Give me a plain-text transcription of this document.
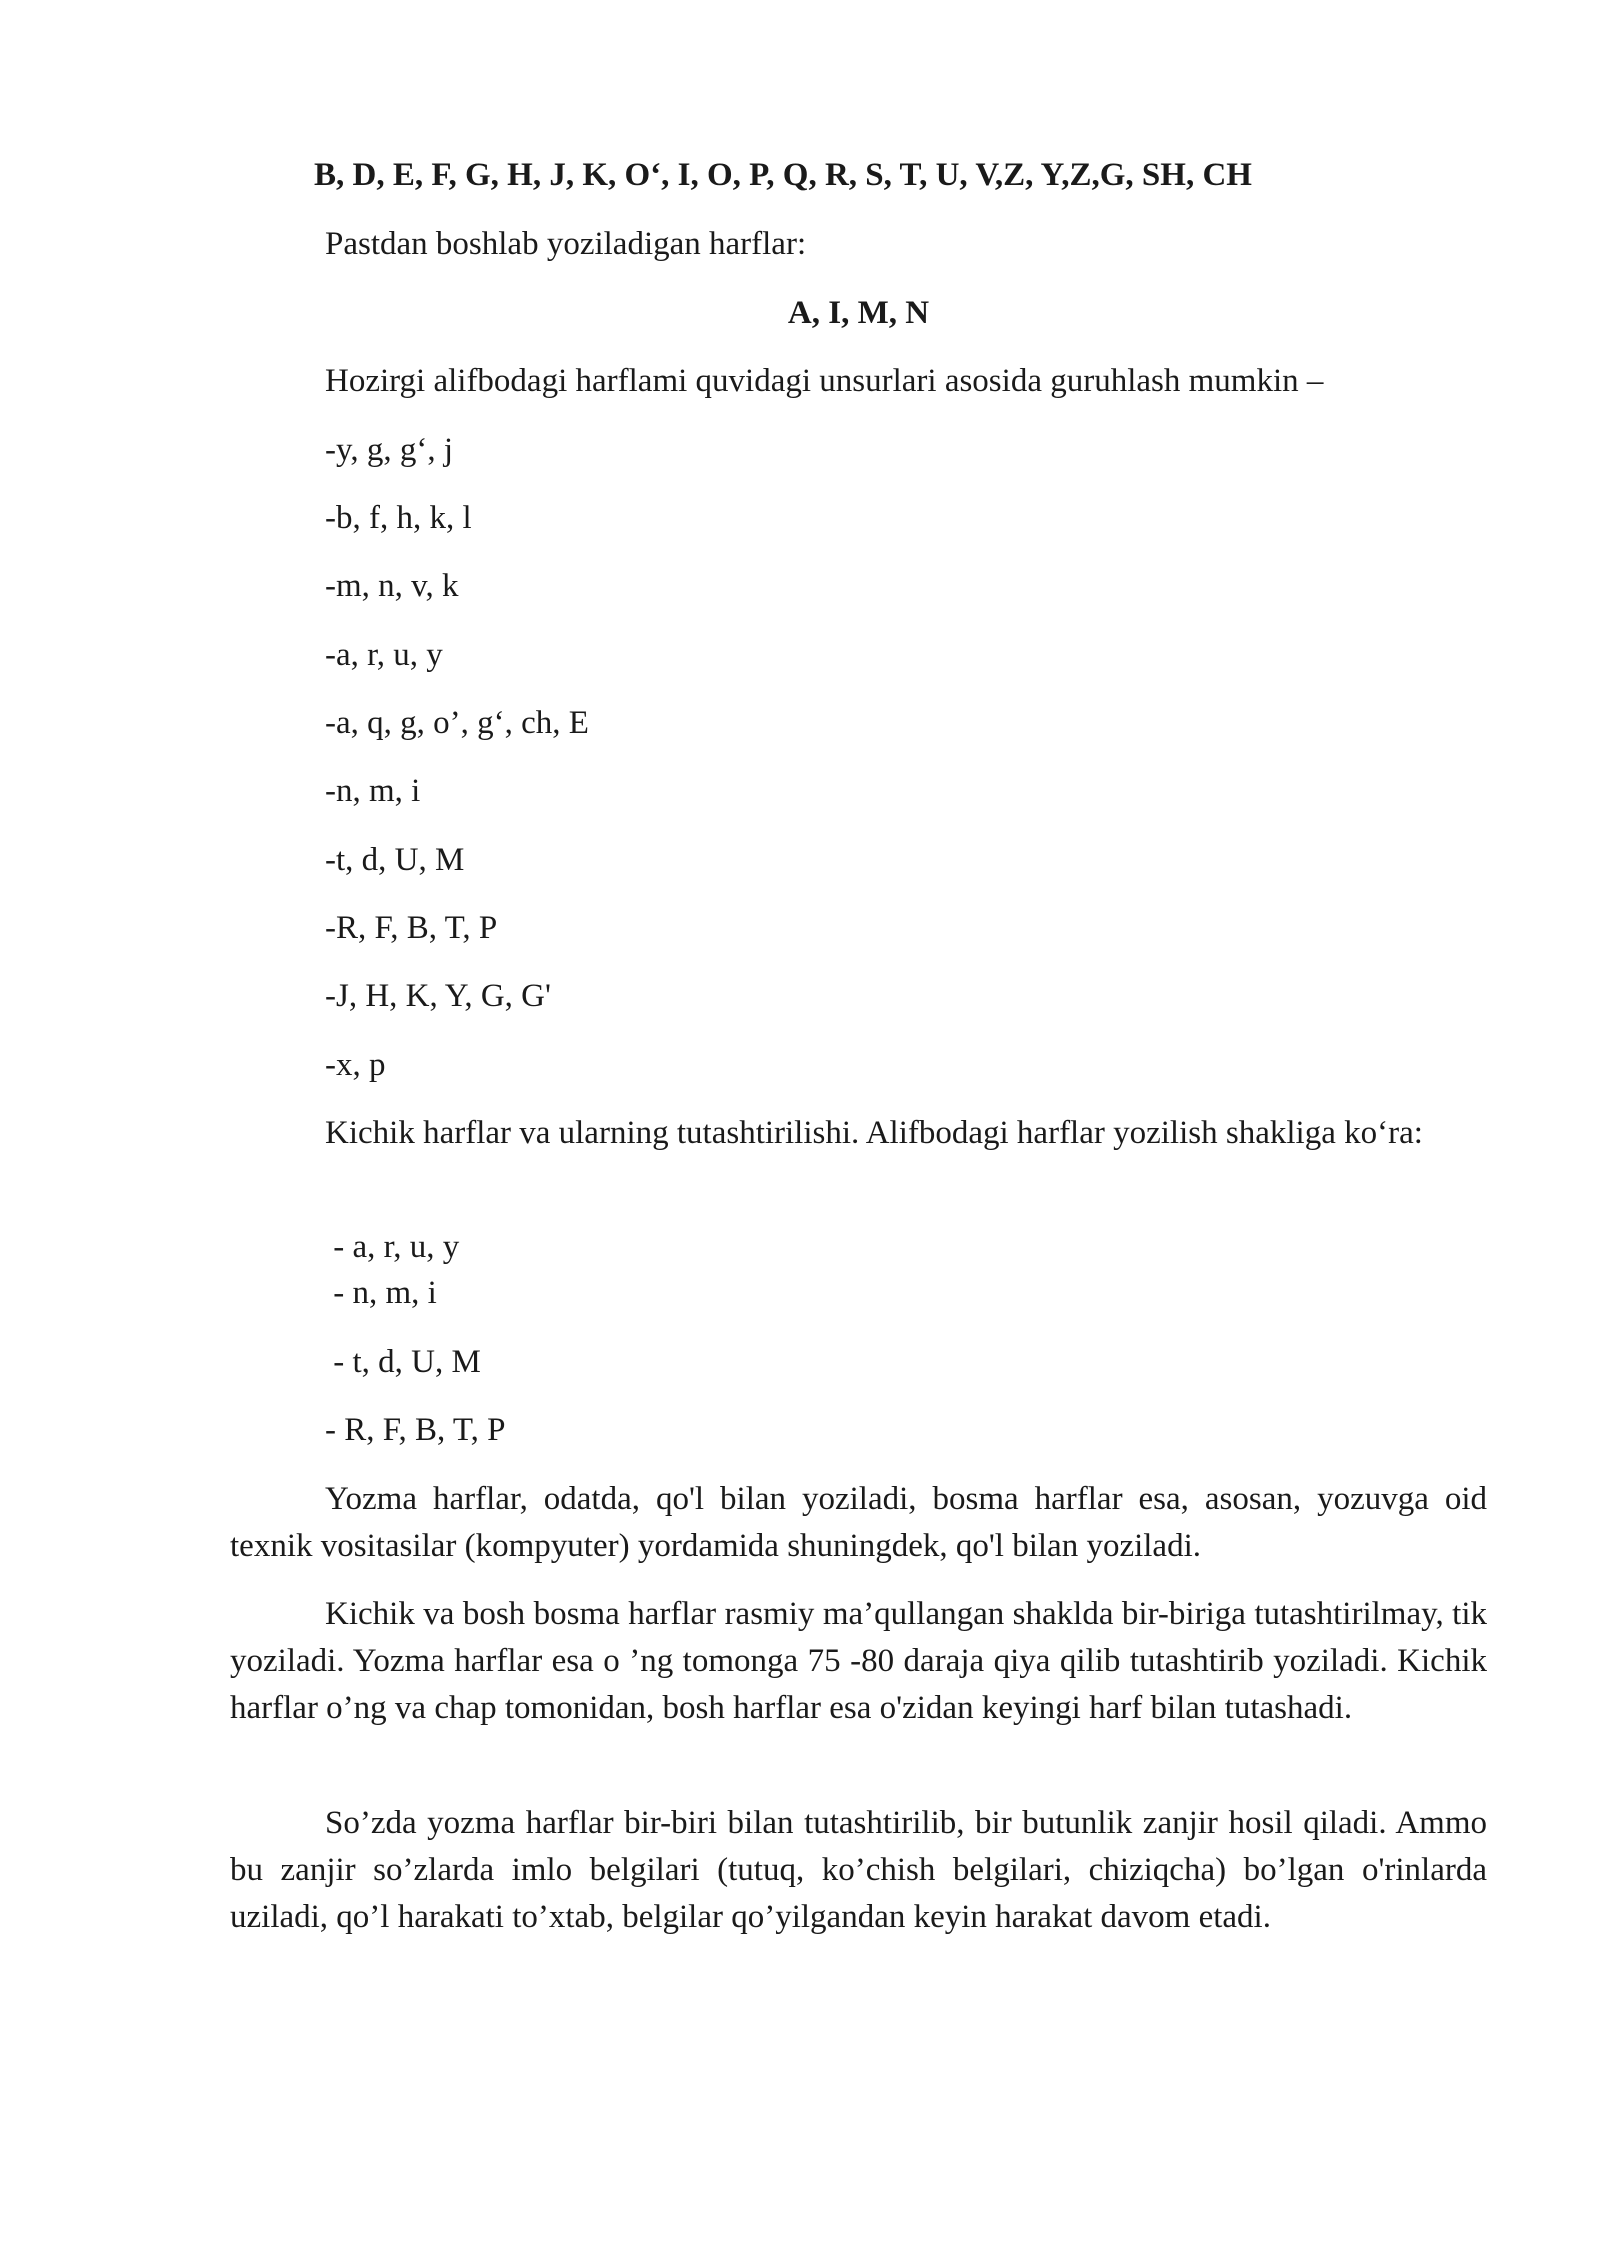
B, D, E, F, G, H, J, K, O‘, I, O, P, Q, R, S, T, U, V,Z, Y,Z,G, SH, CH

Pastdan boshlab yoziladigan harflar:

A, I, M, N

Hozirgi alifbodagi harflami quvidagi unsurlari asosida guruhlash mumkin –

-y, g, g‘, j

-b, f, h, k, l

-m, n, v, k

-a, r, u, y

-a, q, g, o’, g‘, ch, E

-n, m, i

-t, d, U, M

-R, F, B, T, P

-J, H, K, Y, G, G'

-x, p

Kichik harflar va ularning tutashtirilishi. Alifbodagi harflar yozilish shakliga ko‘ra:

- a, r, u, y

- n, m, i

- t, d, U, M

- R, F, B, T, P

Yozma harflar, odatda, qo'l bilan yoziladi, bosma harflar esa, asosan, yozuvga oid texnik vositasilar (kompyuter) yordamida shuningdek, qo'l bilan yoziladi.

Kichik va bosh bosma harflar rasmiy ma’qullangan shaklda bir-biriga tutashtirilmay, tik yoziladi. Yozma harflar esa o ’ng tomonga 75 -80 daraja qiya qilib tutashtirib yoziladi. Kichik harflar o’ng va chap tomonidan, bosh harflar esa o'zidan keyingi harf bilan tutashadi.

So’zda yozma harflar bir-biri bilan tutashtirilib, bir butunlik zanjir hosil qiladi. Ammo bu zanjir so’zlarda imlo belgilari (tutuq, ko’chish belgilari, chiziqcha) bo’lgan o'rinlarda uziladi, qo’l harakati to’xtab, belgilar qo’yilgandan keyin harakat davom etadi.
